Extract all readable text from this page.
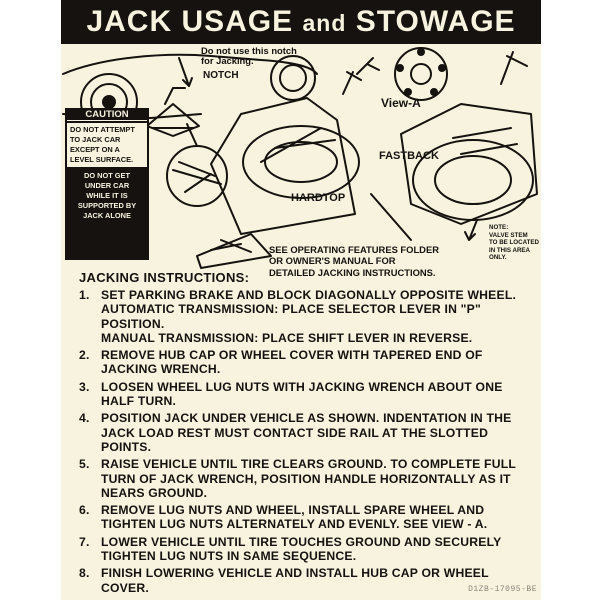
JACK USAGE and STOWAGE
Do not use this notch
for Jacking.
NOTCH
View-A
FASTBACK
HARDTOP
NOTE:
VALVE STEM
TO BE LOCATED
IN THIS AREA
ONLY.
CAUTION
DO NOT ATTEMPT
TO JACK CAR
EXCEPT ON A
LEVEL SURFACE.
DO NOT GET
UNDER CAR
WHILE IT IS
SUPPORTED BY
JACK ALONE
SEE OPERATING FEATURES FOLDER
OR OWNER'S MANUAL FOR
DETAILED JACKING INSTRUCTIONS.
JACKING INSTRUCTIONS:
1. SET PARKING BRAKE AND BLOCK DIAGONALLY OPPOSITE WHEEL.
AUTOMATIC TRANSMISSION: PLACE SELECTOR LEVER IN "P" POSITION.
MANUAL TRANSMISSION: PLACE SHIFT LEVER IN REVERSE.
2. REMOVE HUB CAP OR WHEEL COVER WITH TAPERED END OF JACKING WRENCH.
3. LOOSEN WHEEL LUG NUTS WITH JACKING WRENCH ABOUT ONE HALF TURN.
4. POSITION JACK UNDER VEHICLE AS SHOWN. INDENTATION IN THE JACK LOAD REST MUST CONTACT SIDE RAIL AT THE SLOTTED POINTS.
5. RAISE VEHICLE UNTIL TIRE CLEARS GROUND. TO COMPLETE FULL TURN OF JACK WRENCH, POSITION HANDLE HORIZONTALLY AS IT NEARS GROUND.
6. REMOVE LUG NUTS AND WHEEL, INSTALL SPARE WHEEL AND TIGHTEN LUG NUTS ALTERNATELY AND EVENLY. SEE VIEW - A.
7. LOWER VEHICLE UNTIL TIRE TOUCHES GROUND AND SECURELY TIGHTEN LUG NUTS IN SAME SEQUENCE.
8. FINISH LOWERING VEHICLE AND INSTALL HUB CAP OR WHEEL COVER.	D1ZB-17095-BE
